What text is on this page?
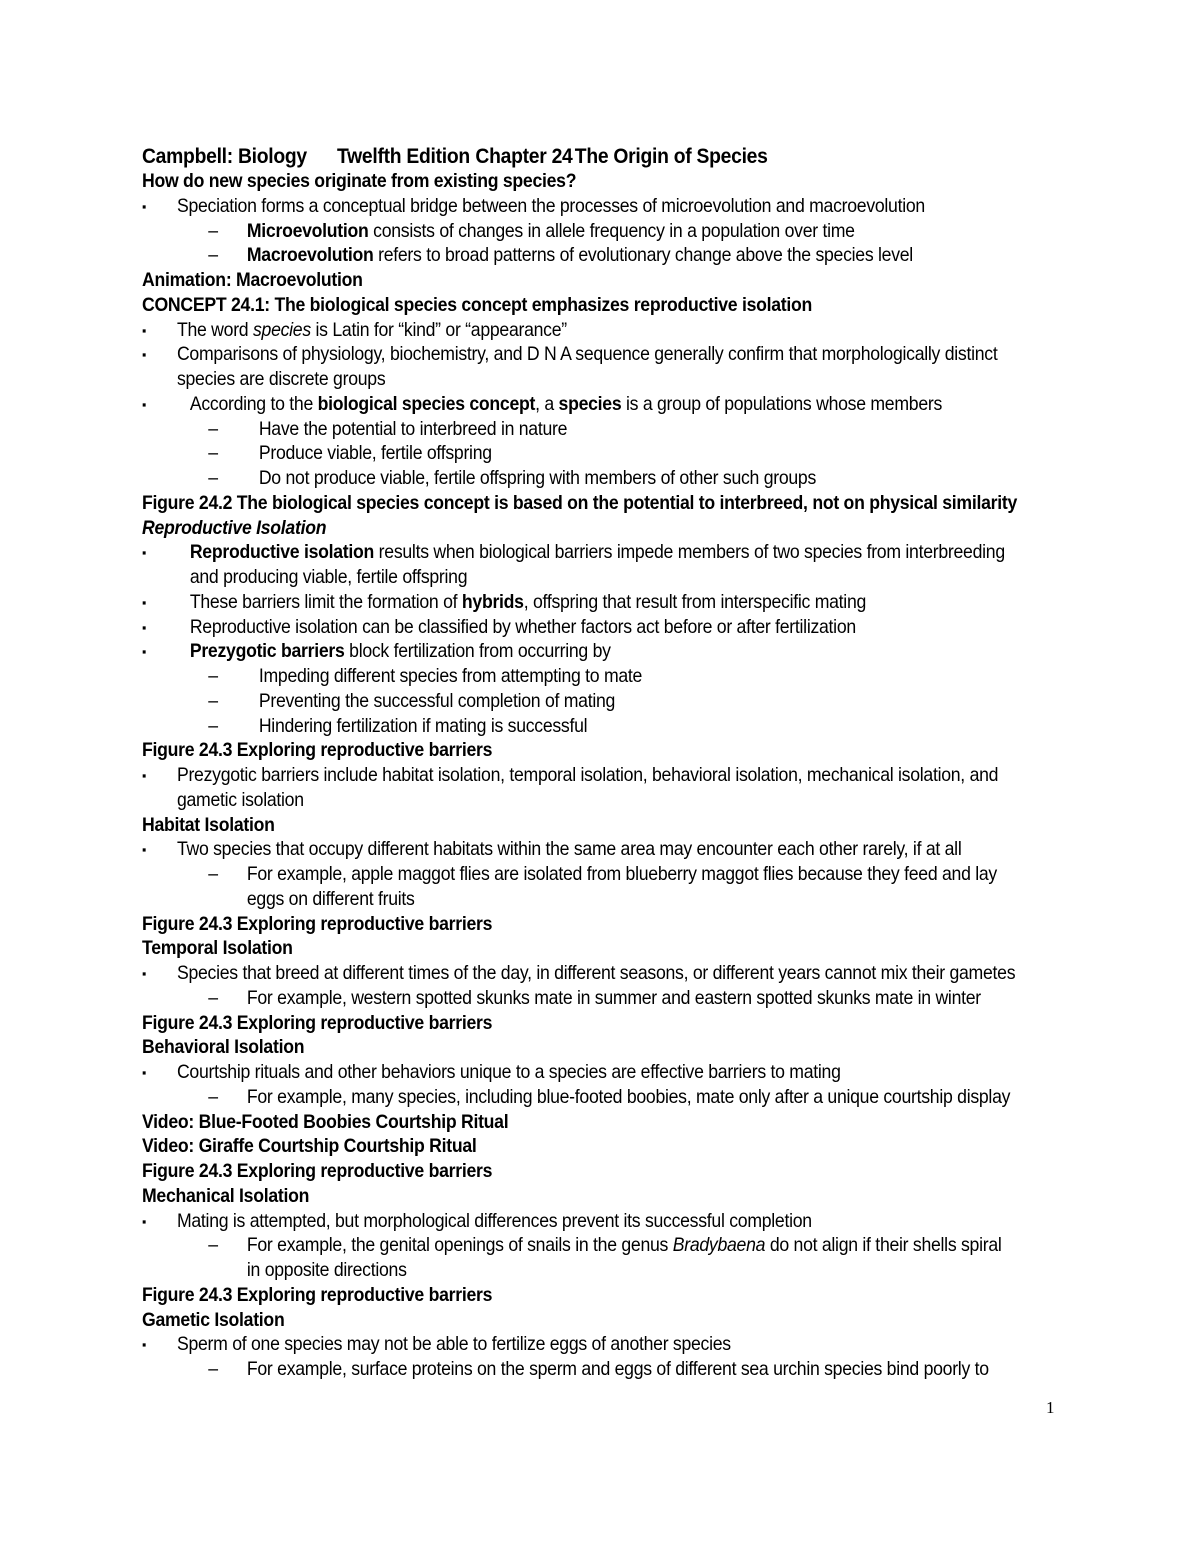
Campbell: Biology Twelfth Edition Chapter 24 The Origin of Species
How do new species originate from existing species?
▪ Speciation forms a conceptual bridge between the processes of microevolution and macroevolution
– Microevolution consists of changes in allele frequency in a population over time
– Macroevolution refers to broad patterns of evolutionary change above the species level
Animation: Macroevolution
CONCEPT 24.1: The biological species concept emphasizes reproductive isolation
▪ The word species is Latin for “kind” or “appearance”
▪ Comparisons of physiology, biochemistry, and D N A sequence generally confirm that morphologically distinct
species are discrete groups
▪ According to the biological species concept, a species is a group of populations whose members
– Have the potential to interbreed in nature
– Produce viable, fertile offspring
– Do not produce viable, fertile offspring with members of other such groups
Figure 24.2 The biological species concept is based on the potential to interbreed, not on physical similarity
Reproductive Isolation
▪ Reproductive isolation results when biological barriers impede members of two species from interbreeding
and producing viable, fertile offspring
▪ These barriers limit the formation of hybrids, offspring that result from interspecific mating
▪ Reproductive isolation can be classified by whether factors act before or after fertilization
▪ Prezygotic barriers block fertilization from occurring by
– Impeding different species from attempting to mate
– Preventing the successful completion of mating
– Hindering fertilization if mating is successful
Figure 24.3 Exploring reproductive barriers
▪ Prezygotic barriers include habitat isolation, temporal isolation, behavioral isolation, mechanical isolation, and
gametic isolation
Habitat Isolation
▪ Two species that occupy different habitats within the same area may encounter each other rarely, if at all
– For example, apple maggot flies are isolated from blueberry maggot flies because they feed and lay
eggs on different fruits
Figure 24.3 Exploring reproductive barriers
Temporal Isolation
▪ Species that breed at different times of the day, in different seasons, or different years cannot mix their gametes
– For example, western spotted skunks mate in summer and eastern spotted skunks mate in winter
Figure 24.3 Exploring reproductive barriers
Behavioral Isolation
▪ Courtship rituals and other behaviors unique to a species are effective barriers to mating
– For example, many species, including blue-footed boobies, mate only after a unique courtship display
Video: Blue-Footed Boobies Courtship Ritual
Video: Giraffe Courtship Courtship Ritual
Figure 24.3 Exploring reproductive barriers
Mechanical Isolation
▪ Mating is attempted, but morphological differences prevent its successful completion
– For example, the genital openings of snails in the genus Bradybaena do not align if their shells spiral
in opposite directions
Figure 24.3 Exploring reproductive barriers
Gametic Isolation
▪ Sperm of one species may not be able to fertilize eggs of another species
– For example, surface proteins on the sperm and eggs of different sea urchin species bind poorly to
1
